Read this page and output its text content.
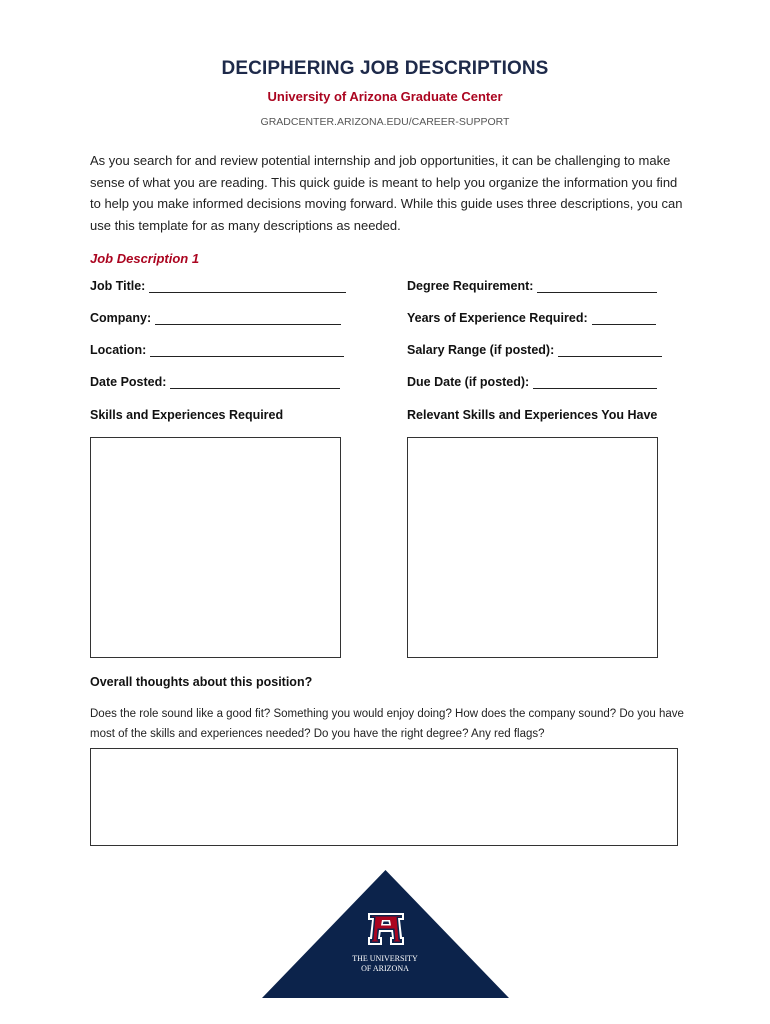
DECIPHERING JOB DESCRIPTIONS
University of Arizona Graduate Center
GRADCENTER.ARIZONA.EDU/CAREER-SUPPORT
As you search for and review potential internship and job opportunities, it can be challenging to make sense of what you are reading. This quick guide is meant to help you organize the information you find to help you make informed decisions moving forward. While this guide uses three descriptions, you can use this template for as many descriptions as needed.
Job Description 1
Job Title:
Company:
Location:
Date Posted:
Degree Requirement:
Years of Experience Required:
Salary Range (if posted):
Due Date (if posted):
Skills and Experiences Required	Relevant Skills and Experiences You Have
Overall thoughts about this position?
Does the role sound like a good fit? Something you would enjoy doing? How does the company sound? Do you have most of the skills and experiences needed? Do you have the right degree? Any red flags?
THE UNIVERSITY
OF ARIZONA
